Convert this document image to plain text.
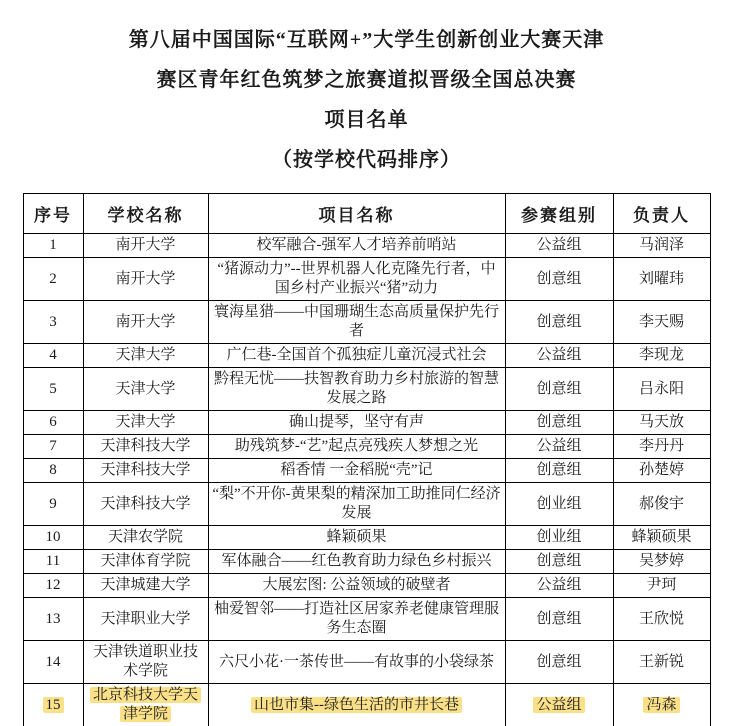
第八届中国国际“互联网+”大学生创新创业大赛天津
赛区青年红色筑梦之旅赛道拟晋级全国总决赛
项目名单
（按学校代码排序）
序号	学校名称	项目名称	参赛组别	负责人
1	南开大学	校军融合-强军人才培养前哨站	公益组	马润泽
2	南开大学	“猪源动力”--世界机器人化克隆先行者，中国乡村产业振兴“猪”动力	创意组	刘曜玮
3	南开大学	寰海星猎——中国珊瑚生态高质量保护先行者	创意组	李天赐
4	天津大学	广仁巷-全国首个孤独症儿童沉浸式社会	公益组	李现龙
5	天津大学	黔程无忧——扶智教育助力乡村旅游的智慧发展之路	创意组	吕永阳
6	天津大学	确山提琴，坚守有声	创意组	马天放
7	天津科技大学	助残筑梦-“艺”起点亮残疾人梦想之光	公益组	李丹丹
8	天津科技大学	稻香情 一金稻脱“壳”记	创意组	孙楚婷
9	天津科技大学	“梨”不开你-黄果梨的精深加工助推同仁经济发展	创业组	郝俊宇
10	天津农学院	蜂颖硕果	创业组	蜂颖硕果
11	天津体育学院	军体融合——红色教育助力绿色乡村振兴	创意组	吴梦婷
12	天津城建大学	大展宏图: 公益领域的破壁者	公益组	尹珂
13	天津职业大学	柚爱智邻——打造社区居家养老健康管理服务生态圈	创意组	王欣悦
14	天津铁道职业技术学院	六尺小花·一茶传世——有故事的小袋绿茶	创意组	王新锐
15	北京科技大学天津学院	山也市集--绿色生活的市井长巷	公益组	冯森
